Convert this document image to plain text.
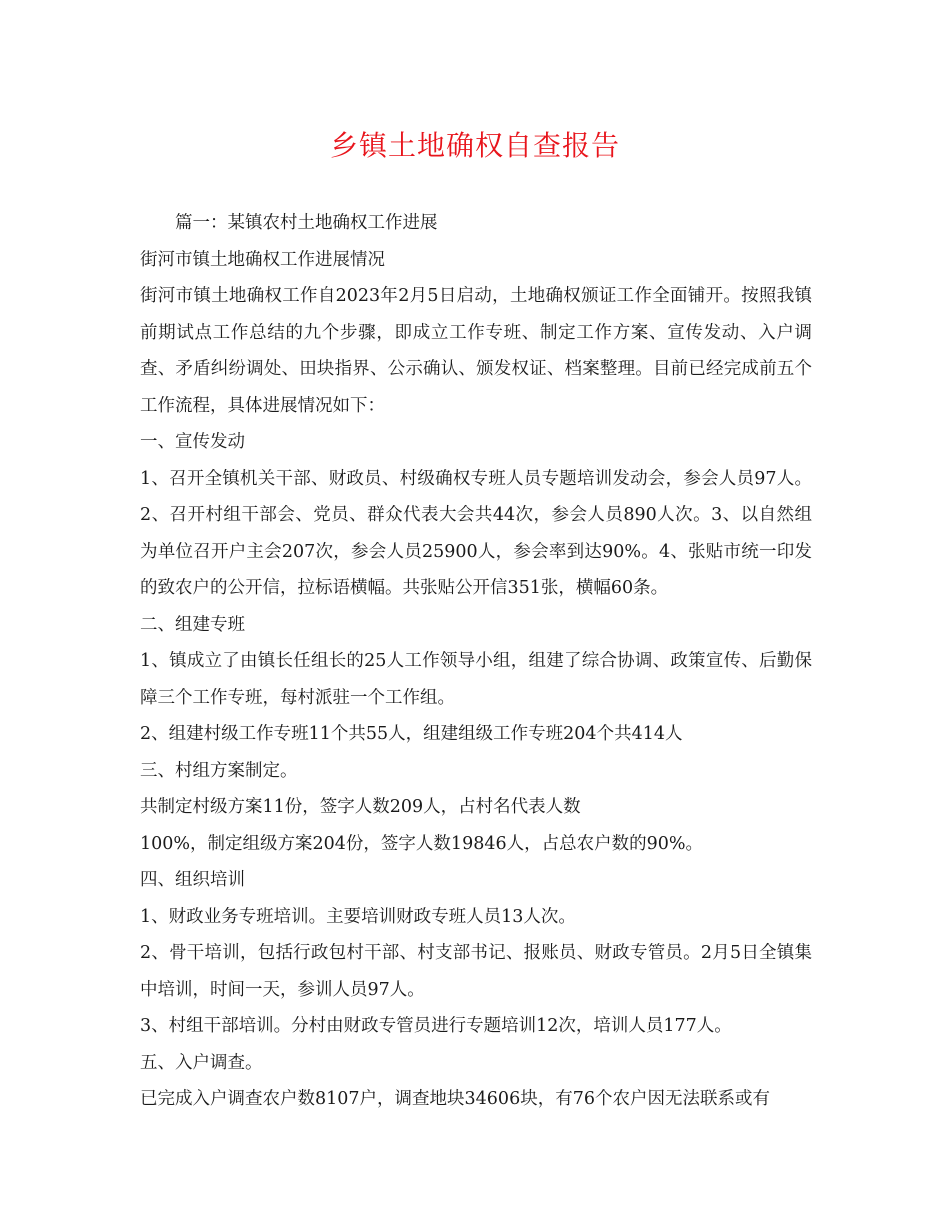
乡镇土地确权自查报告

篇一：某镇农村土地确权工作进展

街河市镇土地确权工作进展情况

街河市镇土地确权工作自2023年2月5日启动，土地确权颁证工作全面铺开。按照我镇前期试点工作总结的九个步骤，即成立工作专班、制定工作方案、宣传发动、入户调查、矛盾纠纷调处、田块指界、公示确认、颁发权证、档案整理。目前已经完成前五个工作流程，具体进展情况如下：

一、宣传发动

1、召开全镇机关干部、财政员、村级确权专班人员专题培训发动会，参会人员97人。2、召开村组干部会、党员、群众代表大会共44次，参会人员890人次。3、以自然组为单位召开户主会207次，参会人员25900人，参会率到达90%。4、张贴市统一印发的致农户的公开信，拉标语横幅。共张贴公开信351张，横幅60条。

二、组建专班

1、镇成立了由镇长任组长的25人工作领导小组，组建了综合协调、政策宣传、后勤保障三个工作专班，每村派驻一个工作组。

2、组建村级工作专班11个共55人，组建组级工作专班204个共414人

三、村组方案制定。

共制定村级方案11份，签字人数209人，占村名代表人数

100%，制定组级方案204份，签字人数19846人，占总农户数的90%。

四、组织培训

1、财政业务专班培训。主要培训财政专班人员13人次。

2、骨干培训，包括行政包村干部、村支部书记、报账员、财政专管员。2月5日全镇集中培训，时间一天，参训人员97人。

3、村组干部培训。分村由财政专管员进行专题培训12次，培训人员177人。

五、入户调查。

已完成入户调查农户数8107户，调查地块34606块，有76个农户因无法联系或有
